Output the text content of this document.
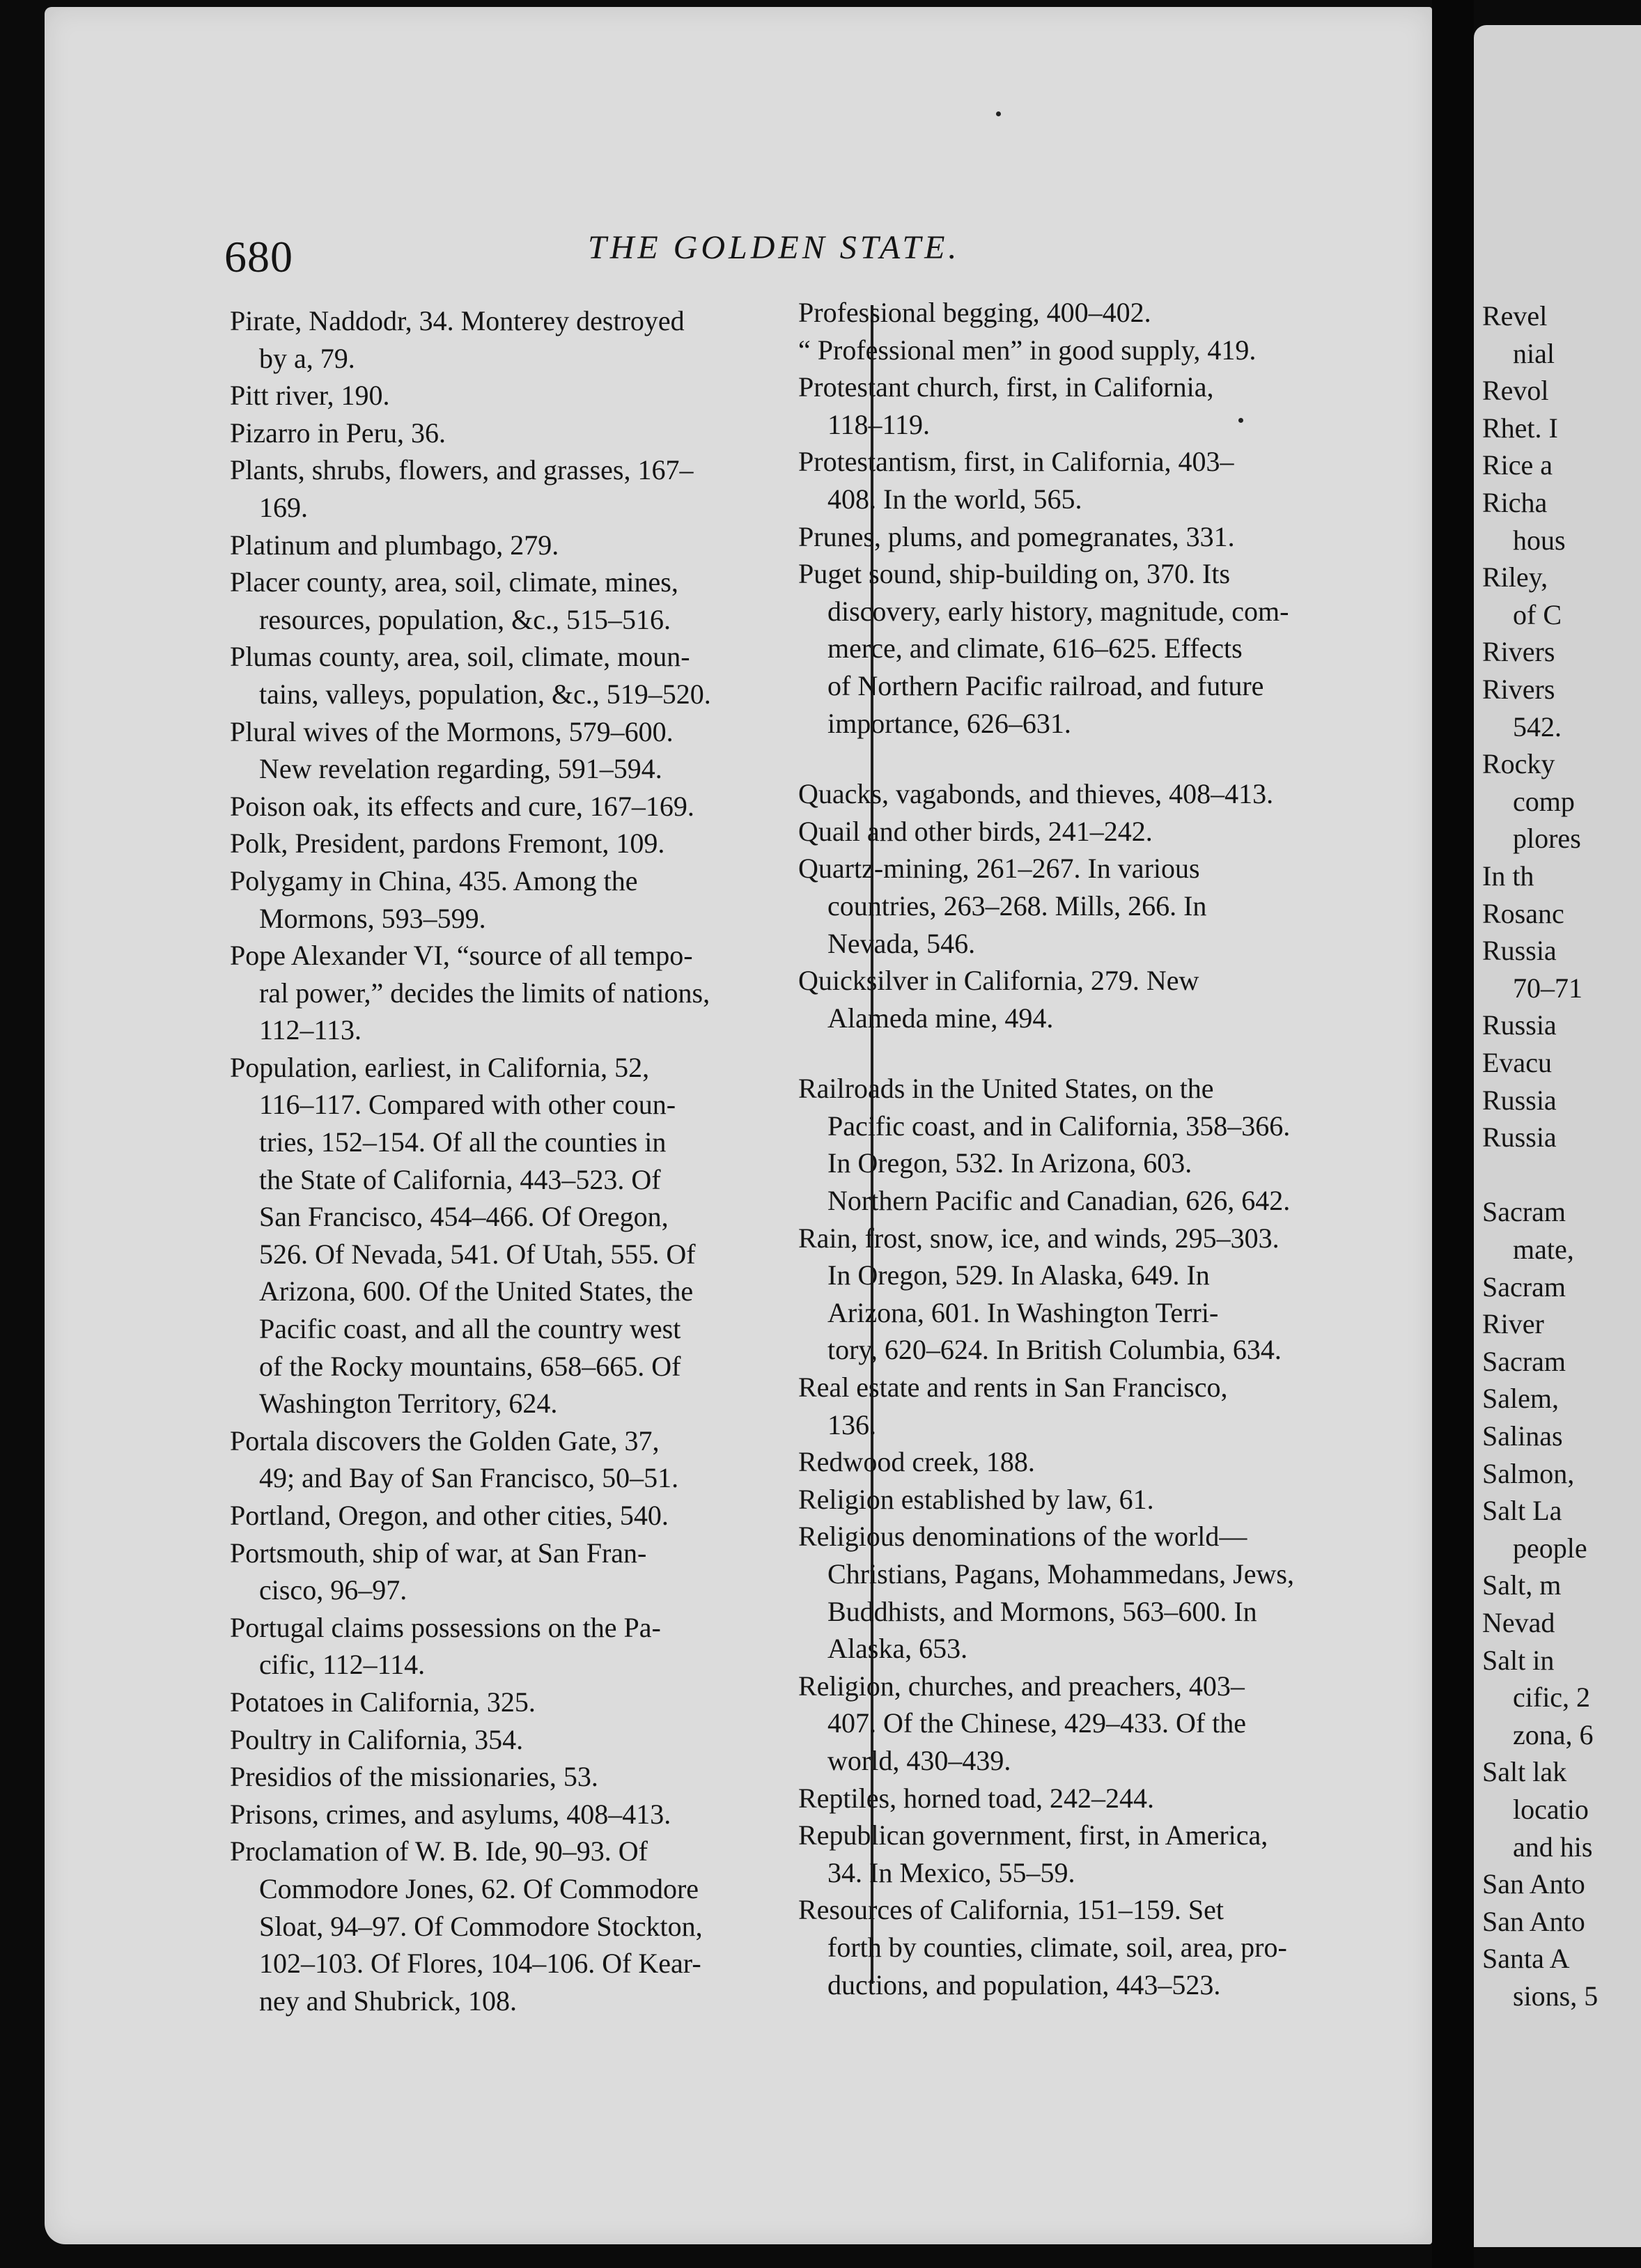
680	THE GOLDEN STATE.

Pirate, Naddodr, 34. Monterey destroyed
by a, 79.

Pitt river, 190.

Pizarro in Peru, 36.

Plants, shrubs, flowers, and grasses, 167–
169.

Platinum and plumbago, 279.

Placer county, area, soil, climate, mines,
resources, population, &c., 515–516.

Plumas county, area, soil, climate, moun-
tains, valleys, population, &c., 519–520.

Plural wives of the Mormons, 579–600.
New revelation regarding, 591–594.

Poison oak, its effects and cure, 167–169.

Polk, President, pardons Fremont, 109.

Polygamy in China, 435. Among the
Mormons, 593–599.

Pope Alexander VI, “source of all tempo-
ral power,” decides the limits of nations,
112–113.

Population, earliest, in California, 52,
116–117. Compared with other coun-
tries, 152–154. Of all the counties in
the State of California, 443–523. Of
San Francisco, 454–466. Of Oregon,
526. Of Nevada, 541. Of Utah, 555. Of
Arizona, 600. Of the United States, the
Pacific coast, and all the country west
of the Rocky mountains, 658–665. Of
Washington Territory, 624.

Portala discovers the Golden Gate, 37,
49; and Bay of San Francisco, 50–51.

Portland, Oregon, and other cities, 540.

Portsmouth, ship of war, at San Fran-
cisco, 96–97.

Portugal claims possessions on the Pa-
cific, 112–114.

Potatoes in California, 325.

Poultry in California, 354.

Presidios of the missionaries, 53.

Prisons, crimes, and asylums, 408–413.

Proclamation of W. B. Ide, 90–93. Of
Commodore Jones, 62. Of Commodore
Sloat, 94–97. Of Commodore Stockton,
102–103. Of Flores, 104–106. Of Kear-
ney and Shubrick, 108.

Professional begging, 400–402.

“ Professional men” in good supply, 419.

Protestant church, first, in California,
118–119.

Protestantism, first, in California, 403–
408. In the world, 565.

Prunes, plums, and pomegranates, 331.

Puget sound, ship-building on, 370. Its
discovery, early history, magnitude, com-
merce, and climate, 616–625. Effects
of Northern Pacific railroad, and future
importance, 626–631.

Quacks, vagabonds, and thieves, 408–413.

Quail and other birds, 241–242.

Quartz-mining, 261–267. In various
countries, 263–268. Mills, 266. In
Nevada, 546.

Quicksilver in California, 279. New
Alameda mine, 494.

Railroads in the United States, on the
Pacific coast, and in California, 358–366.
In Oregon, 532. In Arizona, 603.
Northern Pacific and Canadian, 626, 642.

Rain, frost, snow, ice, and winds, 295–303.
In Oregon, 529. In Alaska, 649. In
Arizona, 601. In Washington Terri-
tory, 620–624. In British Columbia, 634.

Real estate and rents in San Francisco,
136.

Redwood creek, 188.

Religion established by law, 61.

Religious denominations of the world—
Christians, Pagans, Mohammedans, Jews,
Buddhists, and Mormons, 563–600. In
Alaska, 653.

Religion, churches, and preachers, 403–
407. Of the Chinese, 429–433. Of the
world, 430–439.

Reptiles, horned toad, 242–244.

Republican government, first, in America,
34. In Mexico, 55–59.

Resources of California, 151–159. Set
forth by counties, climate, soil, area, pro-
ductions, and population, 443–523.

Revel
nial
Revol
Rhet. I
Rice a
Richa
hous
Riley,
of C
Rivers
Rivers
542.
Rocky
comp
plores
In th
Rosanc
Russia
70–71
Russia
Evacu
Russia
Russia
Sacram
mate,
Sacram
River
Sacram
Salem,
Salinas
Salmon,
Salt La
people
Salt, m
Nevad
Salt in
cific, 2
zona, 6
Salt lak
locatio
and his
San Anto
San Anto
Santa A
sions, 5
